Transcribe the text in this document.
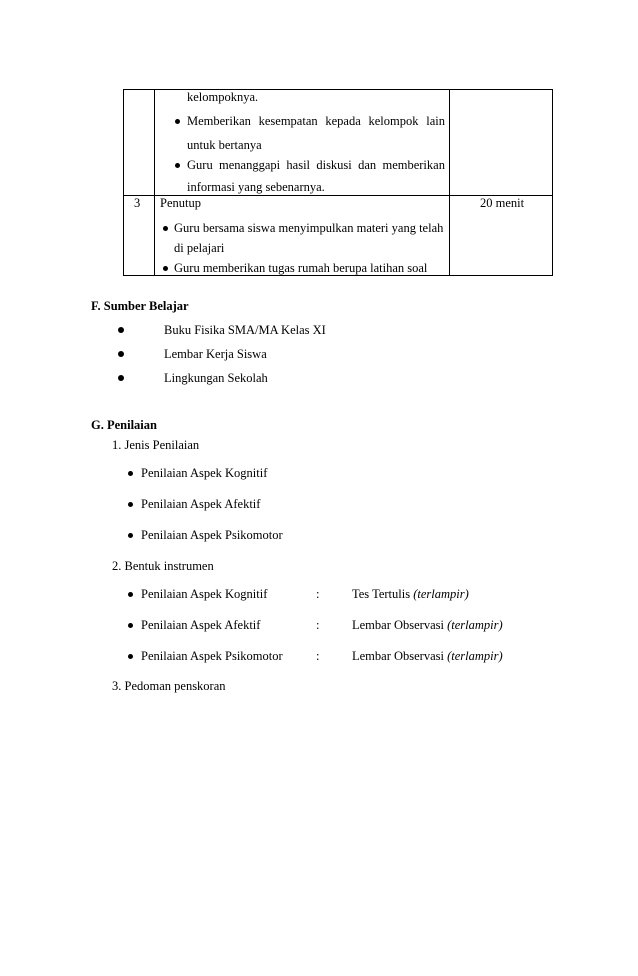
kelompoknya.
Memberikan kesempatan kepada kelompok lain
untuk bertanya
Guru menanggapi hasil diskusi dan memberikan
informasi yang sebenarnya.
3 Penutup	20 menit
Guru bersama siswa menyimpulkan materi yang telah
di pelajari
Guru memberikan tugas rumah berupa latihan soal
F. Sumber Belajar
Buku Fisika SMA/MA Kelas XI
Lembar Kerja Siswa
Lingkungan Sekolah
G. Penilaian
1. Jenis Penilaian
Penilaian Aspek Kognitif
Penilaian Aspek Afektif
Penilaian Aspek Psikomotor
2. Bentuk instrumen
Penilaian Aspek Kognitif	:	Tes Tertulis (terlampir)
Penilaian Aspek Afektif	:	Lembar Observasi (terlampir)
Penilaian Aspek Psikomotor	:	Lembar Observasi (terlampir)
3. Pedoman penskoran
